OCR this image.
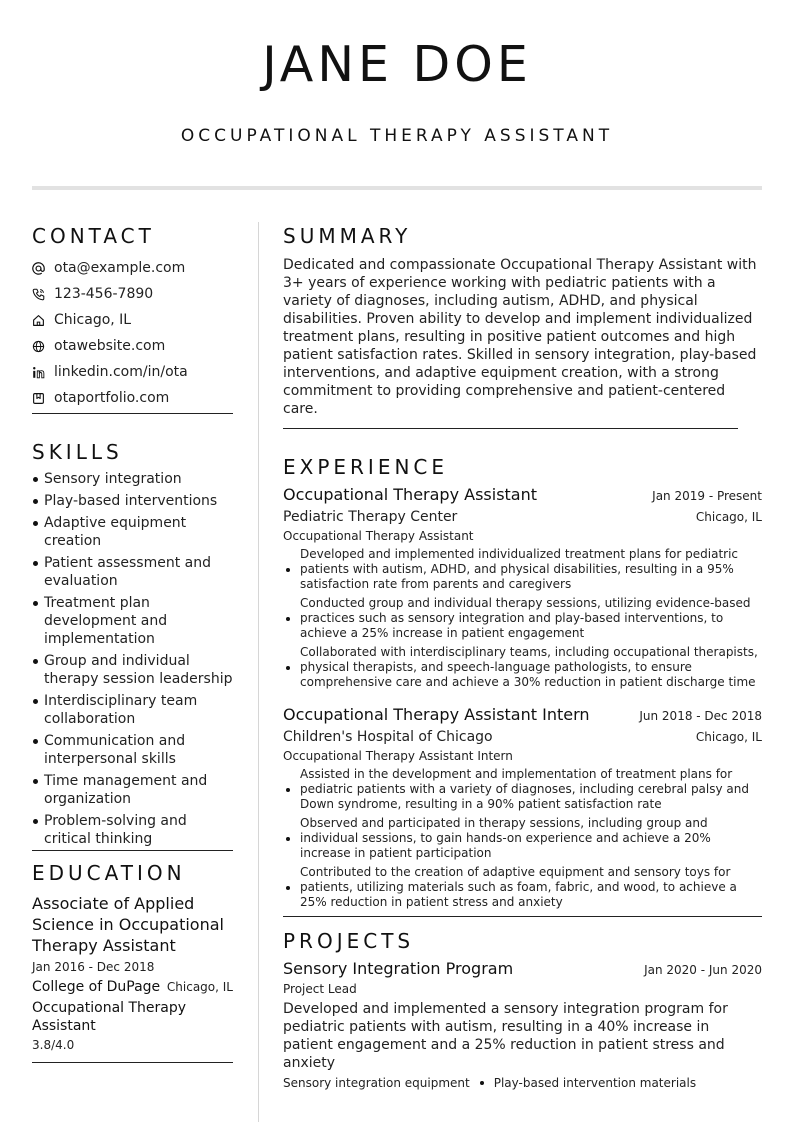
JANE DOE
OCCUPATIONAL THERAPY ASSISTANT
CONTACT
ota@example.com
123-456-7890
Chicago, IL
otawebsite.com
linkedin.com/in/ota
otaportfolio.com
SKILLS
Sensory integration
Play-based interventions
Adaptive equipment creation
Patient assessment and evaluation
Treatment plan development and implementation
Group and individual therapy session leadership
Interdisciplinary team collaboration
Communication and interpersonal skills
Time management and organization
Problem-solving and critical thinking
EDUCATION
Associate of Applied Science in Occupational Therapy Assistant
Jan 2016 - Dec 2018
College of DuPage Chicago, IL
Occupational Therapy Assistant
3.8/4.0
SUMMARY

Dedicated and compassionate Occupational Therapy Assistant with 3+ years of experience working with pediatric patients with a variety of diagnoses, including autism, ADHD, and physical disabilities. Proven ability to develop and implement individualized treatment plans, resulting in positive patient outcomes and high patient satisfaction rates. Skilled in sensory integration, play-based interventions, and adaptive equipment creation, with a strong commitment to providing comprehensive and patient-centered care.

EXPERIENCE
Occupational Therapy Assistant	Jan 2019 - Present
Pediatric Therapy Center	Chicago, IL
Occupational Therapy Assistant
Developed and implemented individualized treatment plans for pediatric patients with autism, ADHD, and physical disabilities, resulting in a 95% satisfaction rate from parents and caregivers
Conducted group and individual therapy sessions, utilizing evidence-based practices such as sensory integration and play-based interventions, to achieve a 25% increase in patient engagement
Collaborated with interdisciplinary teams, including occupational therapists, physical therapists, and speech-language pathologists, to ensure comprehensive care and achieve a 30% reduction in patient discharge time
Occupational Therapy Assistant Intern	Jun 2018 - Dec 2018
Children's Hospital of Chicago	Chicago, IL
Occupational Therapy Assistant Intern
Assisted in the development and implementation of treatment plans for pediatric patients with a variety of diagnoses, including cerebral palsy and Down syndrome, resulting in a 90% patient satisfaction rate
Observed and participated in therapy sessions, including group and individual sessions, to gain hands-on experience and achieve a 20% increase in patient participation
Contributed to the creation of adaptive equipment and sensory toys for patients, utilizing materials such as foam, fabric, and wood, to achieve a 25% reduction in patient stress and anxiety
PROJECTS
Sensory Integration Program	Jan 2020 - Jun 2020
Project Lead

Developed and implemented a sensory integration program for pediatric patients with autism, resulting in a 40% increase in patient engagement and a 25% reduction in patient stress and anxiety

Sensory integration equipment Play-based intervention materials
